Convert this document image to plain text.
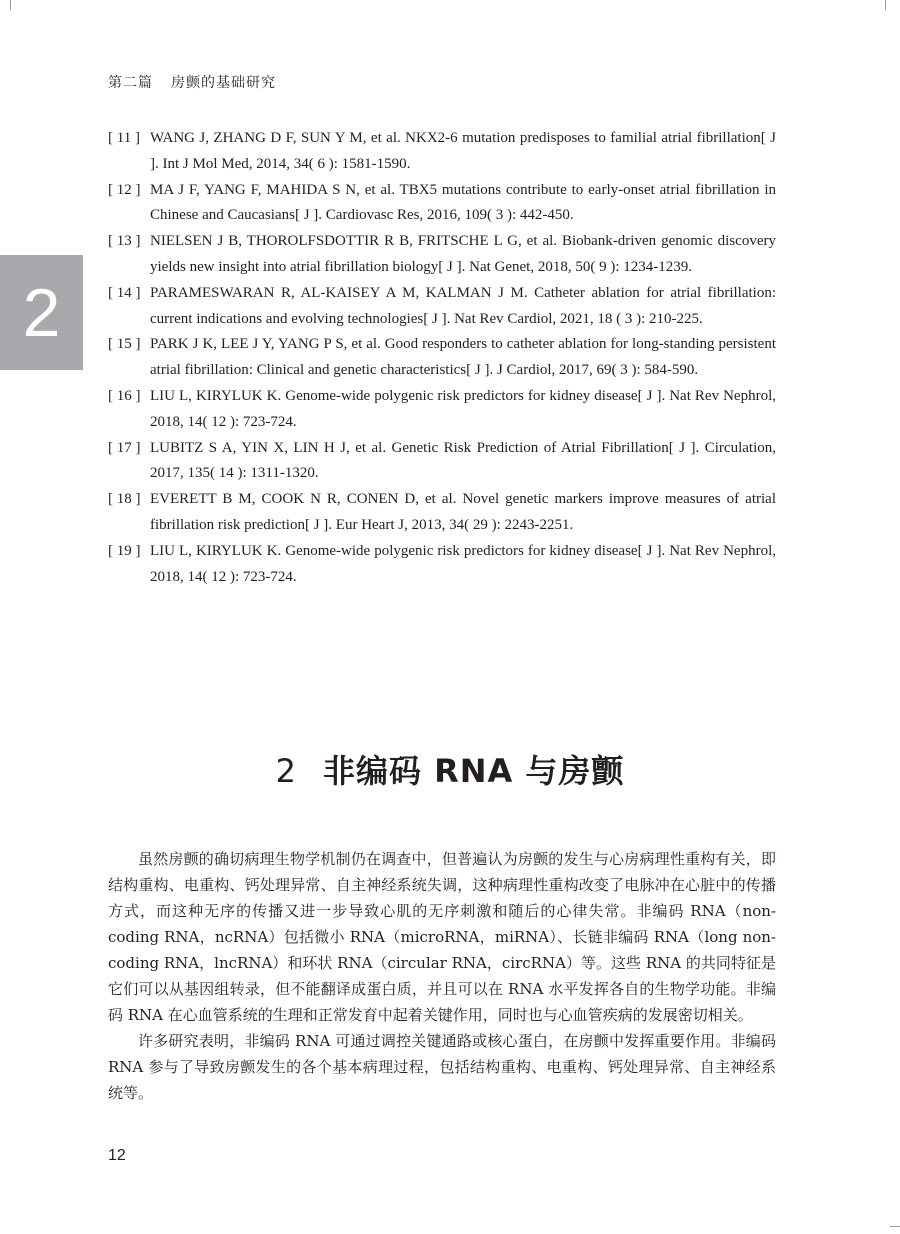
第二篇 房颤的基础研究
2
[ 11 ] WANG J, ZHANG D F, SUN Y M, et al. NKX2-6 mutation predisposes to familial atrial fibrillation[ J ]. Int J Mol Med, 2014, 34( 6 ): 1581-1590.
[ 12 ] MA J F, YANG F, MAHIDA S N, et al. TBX5 mutations contribute to early-onset atrial fibrillation in Chinese and Caucasians[ J ]. Cardiovasc Res, 2016, 109( 3 ): 442-450.
[ 13 ] NIELSEN J B, THOROLFSDOTTIR R B, FRITSCHE L G, et al. Biobank-driven genomic discovery yields new insight into atrial fibrillation biology[ J ]. Nat Genet, 2018, 50( 9 ): 1234-1239.
[ 14 ] PARAMESWARAN R, AL-KAISEY A M, KALMAN J M. Catheter ablation for atrial fibrillation: current indications and evolving technologies[ J ]. Nat Rev Cardiol, 2021, 18 ( 3 ): 210-225.
[ 15 ] PARK J K, LEE J Y, YANG P S, et al. Good responders to catheter ablation for long-standing persistent atrial fibrillation: Clinical and genetic characteristics[ J ]. J Cardiol, 2017, 69( 3 ): 584-590.
[ 16 ] LIU L, KIRYLUK K. Genome-wide polygenic risk predictors for kidney disease[ J ]. Nat Rev Nephrol, 2018, 14( 12 ): 723-724.
[ 17 ] LUBITZ S A, YIN X, LIN H J, et al. Genetic Risk Prediction of Atrial Fibrillation[ J ]. Circulation, 2017, 135( 14 ): 1311-1320.
[ 18 ] EVERETT B M, COOK N R, CONEN D, et al. Novel genetic markers improve measures of atrial fibrillation risk prediction[ J ]. Eur Heart J, 2013, 34( 29 ): 2243-2251.
[ 19 ] LIU L, KIRYLUK K. Genome-wide polygenic risk predictors for kidney disease[ J ]. Nat Rev Nephrol, 2018, 14( 12 ): 723-724.
2 非编码 RNA 与房颤

虽然房颤的确切病理生物学机制仍在调查中，但普遍认为房颤的发生与心房病理性重构有关，即结构重构、电重构、钙处理异常、自主神经系统失调，这种病理性重构改变了电脉冲在心脏中的传播方式，而这种无序的传播又进一步导致心肌的无序刺激和随后的心律失常。非编码 RNA（non-coding RNA，ncRNA）包括微小 RNA（microRNA，miRNA）、长链非编码 RNA（long non-coding RNA，lncRNA）和环状 RNA（circular RNA，circRNA）等。这些 RNA 的共同特征是它们可以从基因组转录，但不能翻译成蛋白质，并且可以在 RNA 水平发挥各自的生物学功能。非编码 RNA 在心血管系统的生理和正常发育中起着关键作用，同时也与心血管疾病的发展密切相关。

许多研究表明，非编码 RNA 可通过调控关键通路或核心蛋白，在房颤中发挥重要作用。非编码 RNA 参与了导致房颤发生的各个基本病理过程，包括结构重构、电重构、钙处理异常、自主神经系统等。

12
